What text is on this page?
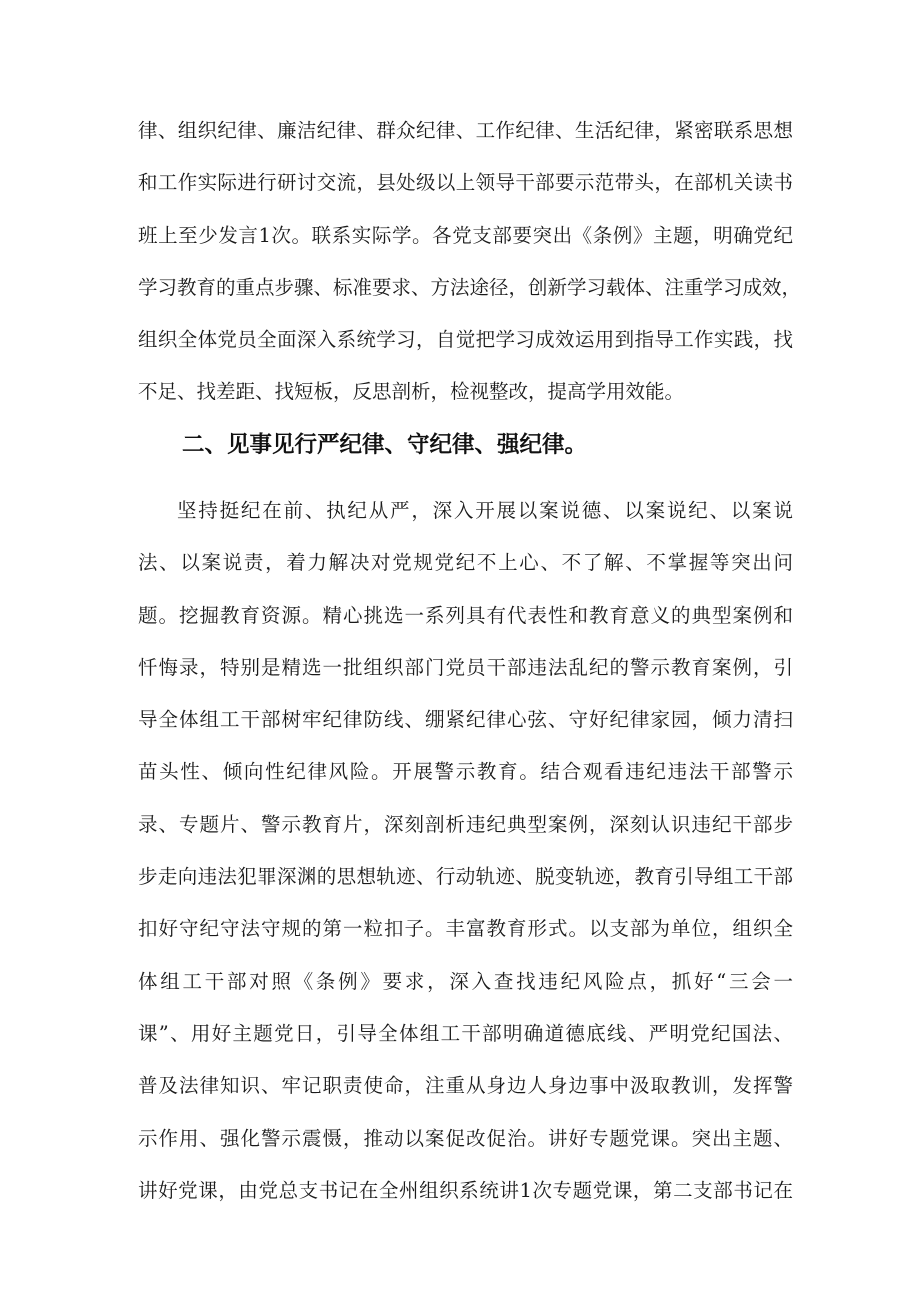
律、组织纪律、廉洁纪律、群众纪律、工作纪律、生活纪律，紧密联系思想
和工作实际进行研讨交流，县处级以上领导干部要示范带头，在部机关读书
班上至少发言1次。联系实际学。各党支部要突出《条例》主题，明确党纪
学习教育的重点步骤、标准要求、方法途径，创新学习载体、注重学习成效，
组织全体党员全面深入系统学习，自觉把学习成效运用到指导工作实践，找
不足、找差距、找短板，反思剖析，检视整改，提高学用效能。
二、见事见行严纪律、守纪律、强纪律。
坚持挺纪在前、执纪从严，深入开展以案说德、以案说纪、以案说
法、以案说责，着力解决对党规党纪不上心、不了解、不掌握等突出问
题。挖掘教育资源。精心挑选一系列具有代表性和教育意义的典型案例和
忏悔录，特别是精选一批组织部门党员干部违法乱纪的警示教育案例，引
导全体组工干部树牢纪律防线、绷紧纪律心弦、守好纪律家园，倾力清扫
苗头性、倾向性纪律风险。开展警示教育。结合观看违纪违法干部警示
录、专题片、警示教育片，深刻剖析违纪典型案例，深刻认识违纪干部步
步走向违法犯罪深渊的思想轨迹、行动轨迹、脱变轨迹，教育引导组工干部
扣好守纪守法守规的第一粒扣子。丰富教育形式。以支部为单位，组织全
体组工干部对照《条例》要求，深入查找违纪风险点，抓好“三会一
课”、用好主题党日，引导全体组工干部明确道德底线、严明党纪国法、
普及法律知识、牢记职责使命，注重从身边人身边事中汲取教训，发挥警
示作用、强化警示震慑，推动以案促改促治。讲好专题党课。突出主题、
讲好党课，由党总支书记在全州组织系统讲1次专题党课，第二支部书记在
